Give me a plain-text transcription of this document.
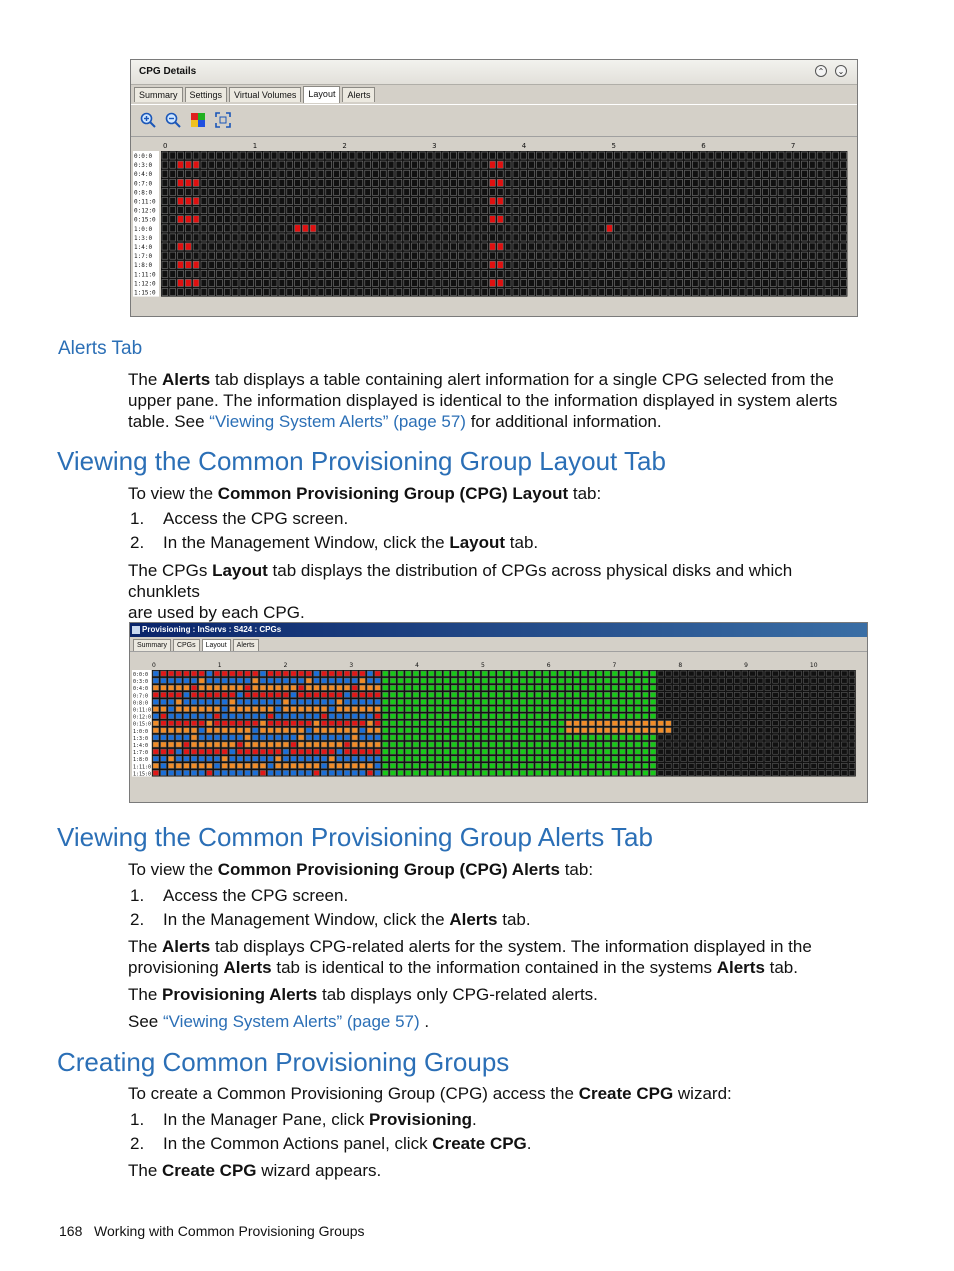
CPG Details	⌃	⌄
Summary	Settings	Virtual Volumes	Layout	Alerts
0	1	2	3	4	5	6	7
0:0:0
0:3:0
0:4:0
0:7:0
0:8:0
0:11:0
0:12:0
0:15:0
1:0:0
1:3:0
1:4:0
1:7:0
1:8:0
1:11:0
1:12:0
1:15:0
Alerts Tab
The Alerts tab displays a table containing alert information for a single CPG selected from the
upper pane. The information displayed is identical to the information displayed in system alerts
table. See “Viewing System Alerts” (page 57) for additional information.
Viewing the Common Provisioning Group Layout Tab
To view the Common Provisioning Group (CPG) Layout tab:
1. Access the CPG screen.
2. In the Management Window, click the Layout tab.
The CPGs Layout tab displays the distribution of CPGs across physical disks and which chunklets
are used by each CPG.
Provisioning : InServs : S424 : CPGs
Summary	CPGs	Layout	Alerts
0	1	2	3	4	5	6	7	8	9	10
0:0:0
0:3:0
0:4:0
0:7:0
0:8:0
0:11:0
0:12:0
0:15:0
1:0:0
1:3:0
1:4:0
1:7:0
1:8:0
1:11:0
1:15:0
Viewing the Common Provisioning Group Alerts Tab
To view the Common Provisioning Group (CPG) Alerts tab:
1. Access the CPG screen.
2. In the Management Window, click the Alerts tab.
The Alerts tab displays CPG-related alerts for the system. The information displayed in the
provisioning Alerts tab is identical to the information contained in the systems Alerts tab.
The Provisioning Alerts tab displays only CPG-related alerts.
See “Viewing System Alerts” (page 57) .
Creating Common Provisioning Groups
To create a Common Provisioning Group (CPG) access the Create CPG wizard:
1. In the Manager Pane, click Provisioning.
2. In the Common Actions panel, click Create CPG.
The Create CPG wizard appears.
168 Working with Common Provisioning Groups
